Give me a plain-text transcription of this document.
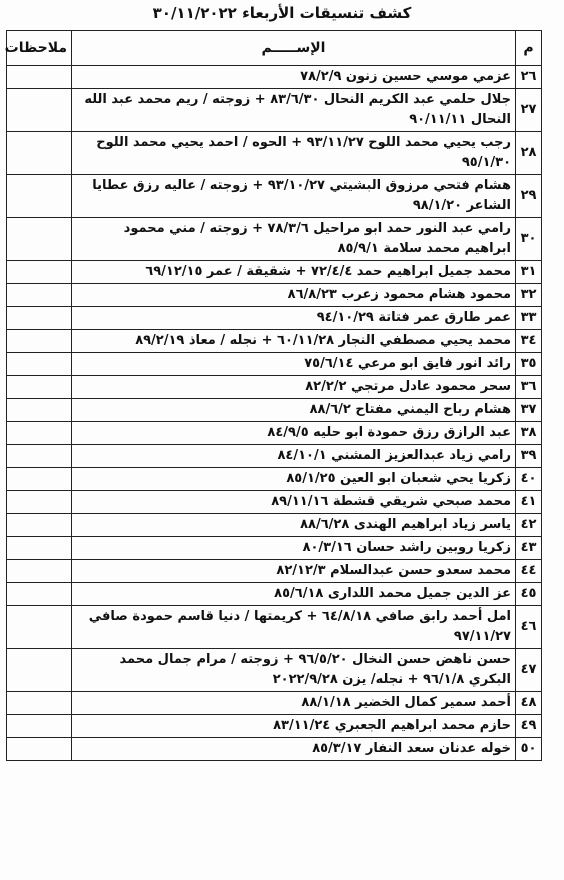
كشف تنسيقات الأربعاء ٣٠/١١/٢٠٢٢
م	الإســـــم	ملاحظات
٢٦	عزمي موسي حسين زنون ٧٨/٢/٩	
٢٧	جلال حلمي عبد الكريم النحال ٨٣/٦/٣٠ + زوجته / ريم محمد عبد الله النحال ٩٠/١١/١١	
٢٨	رجب يحيي محمد اللوح ٩٣/١١/٢٧ + الحوه / احمد يحيي محمد اللوح ٩٥/١/٣٠	
٢٩	هشام فتحي مرزوق البشيتي ٩٣/١٠/٢٧ + زوجته / عاليه رزق عطايا الشاعر ٩٨/١/٢٠	
٣٠	رامي عبد النور حمد ابو مراحيل ٧٨/٣/٦ + زوجته / مني محمود ابراهيم محمد سلامة ٨٥/٩/١	
٣١	محمد جميل ابراهيم حمد ٧٢/٤/٤ + شقيقة / عمر ٦٩/١٢/١٥	
٣٢	محمود هشام محمود زعرب ٨٦/٨/٢٣	
٣٣	عمر طارق عمر فتاتة ٩٤/١٠/٢٩	
٣٤	محمد يحيي مصطفي النجار ٦٠/١١/٢٨ + نجله / معاذ ٨٩/٢/١٩	
٣٥	رائد انور فايق ابو مرعي ٧٥/٦/١٤	
٣٦	سحر محمود عادل مرتجي ٨٢/٢/٢	
٣٧	هشام رباح اليمني مفتاح ٨٨/٦/٢	
٣٨	عبد الرازق رزق حمودة ابو حليه ٨٤/٩/٥	
٣٩	رامي زياد عبدالعزيز المشني ٨٤/١٠/١	
٤٠	زكريا يحي شعبان ابو العين ٨٥/١/٢٥	
٤١	محمد صبحي شريقي قشطة ٨٩/١١/١٦	
٤٢	ياسر زياد ابراهيم الهندى ٨٨/٦/٢٨	
٤٣	زكريا روبين راشد حسان ٨٠/٣/١٦	
٤٤	محمد سعدو حسن عبدالسلام ٨٢/١٢/٣	
٤٥	عز الدين جميل محمد اللدارى ٨٥/٦/١٨	
٤٦	امل أحمد رابق صافي ٦٤/٨/١٨ + كريمتها / دنيا قاسم حمودة صافي ٩٧/١١/٢٧	
٤٧	حسن ناهض حسن النخال ٩٦/٥/٢٠ + زوجته / مرام جمال محمد البكري ٩٦/١/٨ + نجله/ يزن ٢٠٢٢/٩/٢٨	
٤٨	أحمد سمير كمال الخضير ٨٨/١/١٨	
٤٩	حازم محمد ابراهيم الجعبري ٨٣/١١/٢٤	
٥٠	خوله عدنان سعد النفار ٨٥/٣/١٧	
